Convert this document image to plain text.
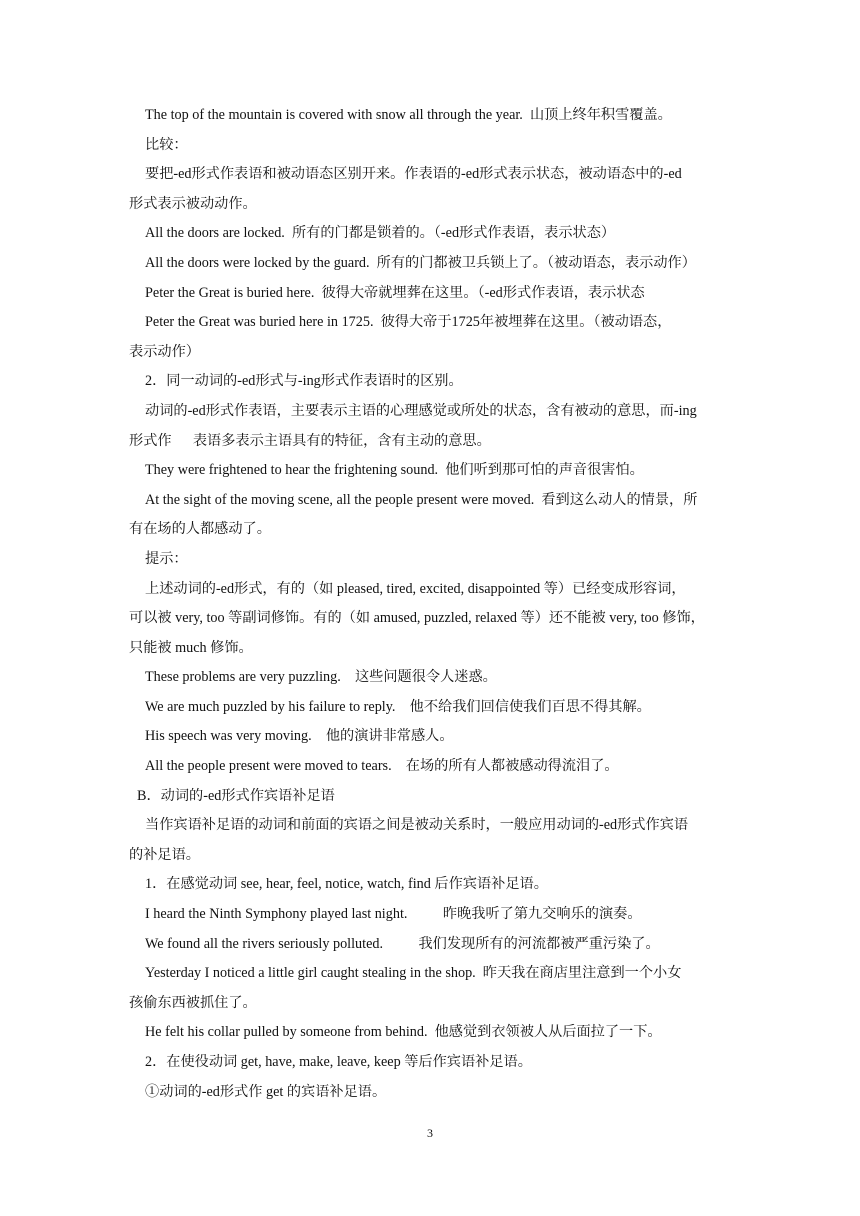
The top of the mountain is covered with snow all through the year.  山顶上终年积雪覆盖。
比较：
要把-ed形式作表语和被动语态区别开来。作表语的-ed形式表示状态，被动语态中的-ed
形式表示被动动作。
All the doors are locked.  所有的门都是锁着的。（-ed形式作表语，表示状态）
All the doors were locked by the guard.  所有的门都被卫兵锁上了。（被动语态，表示动作）
Peter the Great is buried here.  彼得大帝就埋葬在这里。（-ed形式作表语，表示状态
Peter the Great was buried here in 1725.  彼得大帝于1725年被埋葬在这里。（被动语态，
表示动作）
2．同一动词的-ed形式与-ing形式作表语时的区别。
动词的-ed形式作表语，主要表示主语的心理感觉或所处的状态，含有被动的意思，而-ing
形式作      表语多表示主语具有的特征，含有主动的意思。
They were frightened to hear the frightening sound.  他们听到那可怕的声音很害怕。
At the sight of the moving scene, all the people present were moved.  看到这么动人的情景，所
有在场的人都感动了。
提示：
上述动词的-ed形式，有的（如 pleased, tired, excited, disappointed 等）已经变成形容词，
可以被 very, too 等副词修饰。有的（如 amused, puzzled, relaxed 等）还不能被 very, too 修饰，
只能被 much 修饰。
These problems are very puzzling.    这些问题很令人迷惑。
We are much puzzled by his failure to reply.    他不给我们回信使我们百思不得其解。
His speech was very moving.    他的演讲非常感人。
All the people present were moved to tears.    在场的所有人都被感动得流泪了。
B．动词的-ed形式作宾语补足语
当作宾语补足语的动词和前面的宾语之间是被动关系时，一般应用动词的-ed形式作宾语
的补足语。
1．在感觉动词 see, hear, feel, notice, watch, find 后作宾语补足语。
I heard the Ninth Symphony played last night.          昨晚我听了第九交响乐的演奏。
We found all the rivers seriously polluted.          我们发现所有的河流都被严重污染了。
Yesterday I noticed a little girl caught stealing in the shop.  昨天我在商店里注意到一个小女
孩偷东西被抓住了。
He felt his collar pulled by someone from behind.  他感觉到衣领被人从后面拉了一下。
2．在使役动词 get, have, make, leave, keep 等后作宾语补足语。
①动词的-ed形式作 get 的宾语补足语。
3
